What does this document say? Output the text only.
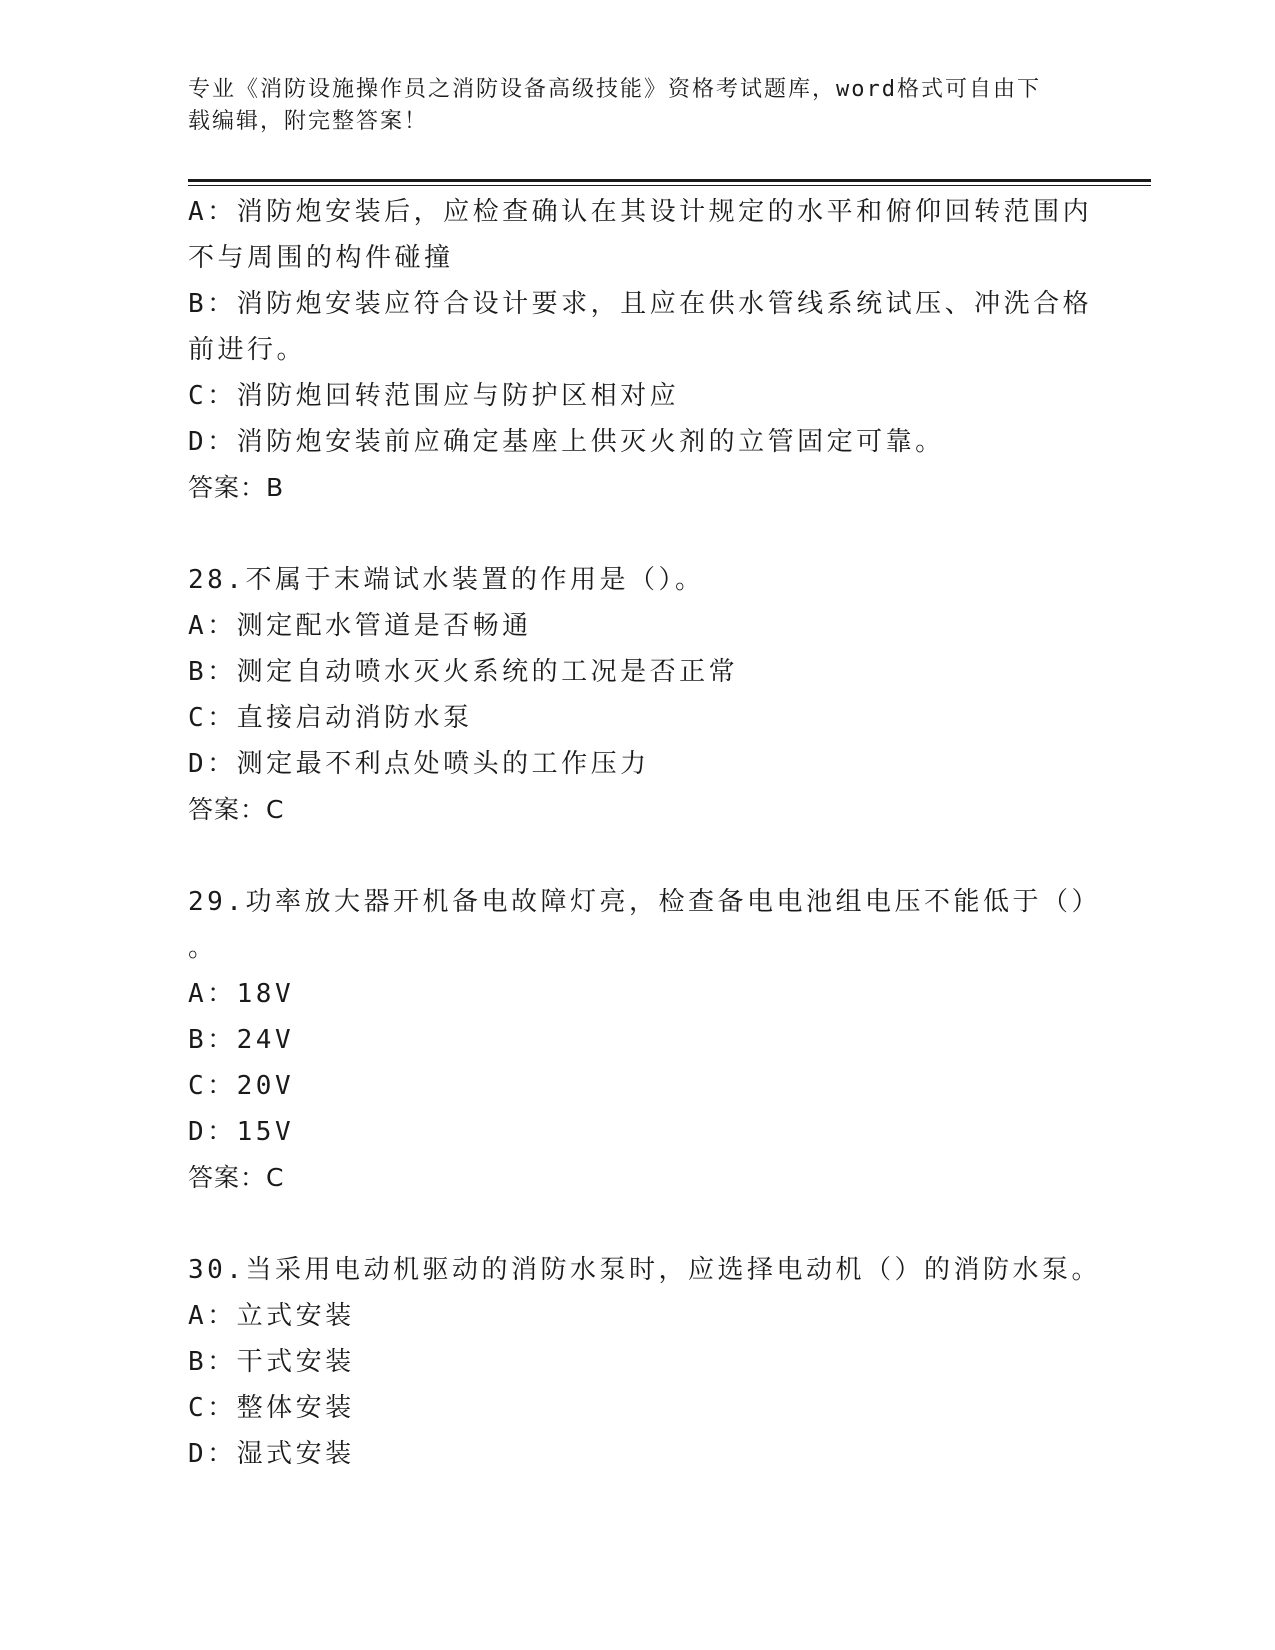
专业《消防设施操作员之消防设备高级技能》资格考试题库，word格式可自由下
载编辑，附完整答案！
A：消防炮安装后，应检查确认在其设计规定的水平和俯仰回转范围内
不与周围的构件碰撞
B：消防炮安装应符合设计要求，且应在供水管线系统试压、冲洗合格
前进行。
C：消防炮回转范围应与防护区相对应
D：消防炮安装前应确定基座上供灭火剂的立管固定可靠。
答案：B
28.不属于末端试水装置的作用是（）。
A：测定配水管道是否畅通
B：测定自动喷水灭火系统的工况是否正常
C：直接启动消防水泵
D：测定最不利点处喷头的工作压力
答案：C
29.功率放大器开机备电故障灯亮，检查备电电池组电压不能低于（）
。
A：18V
B：24V
C：20V
D：15V
答案：C
30.当采用电动机驱动的消防水泵时，应选择电动机（）的消防水泵。
A：立式安装
B：干式安装
C：整体安装
D：湿式安装
